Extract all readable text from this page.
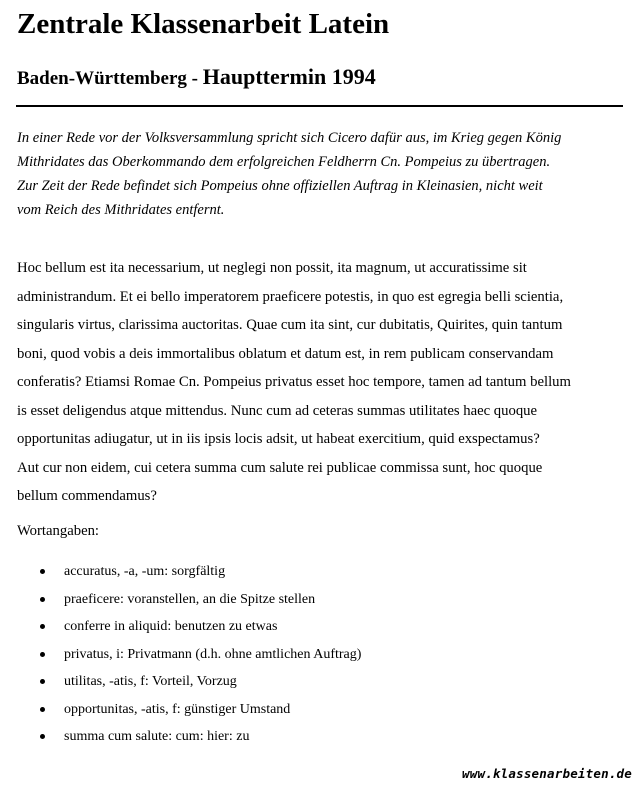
Zentrale Klassenarbeit Latein
Baden-Württemberg - Haupttermin 1994

In einer Rede vor der Volksversammlung spricht sich Cicero dafür aus, im Krieg gegen König
Mithridates das Oberkommando dem erfolgreichen Feldherrn Cn. Pompeius zu übertragen.
Zur Zeit der Rede befindet sich Pompeius ohne offiziellen Auftrag in Kleinasien, nicht weit
vom Reich des Mithridates entfernt.

Hoc bellum est ita necessarium, ut neglegi non possit, ita magnum, ut accuratissime sit
administrandum. Et ei bello imperatorem praeficere potestis, in quo est egregia belli scientia,
singularis virtus, clarissima auctoritas. Quae cum ita sint, cur dubitatis, Quirites, quin tantum
boni, quod vobis a deis immortalibus oblatum et datum est, in rem publicam conservandam
conferatis? Etiamsi Romae Cn. Pompeius privatus esset hoc tempore, tamen ad tantum bellum
is esset deligendus atque mittendus. Nunc cum ad ceteras summas utilitates haec quoque
opportunitas adiugatur, ut in iis ipsis locis adsit, ut habeat exercitium, quid exspectamus?
Aut cur non eidem, cui cetera summa cum salute rei publicae commissa sunt, hoc quoque
bellum commendamus?

Wortangaben:

accuratus, -a, -um: sorgfältig
praeficere: voranstellen, an die Spitze stellen
conferre in aliquid: benutzen zu etwas
privatus, i: Privatmann (d.h. ohne amtlichen Auftrag)
utilitas, -atis, f: Vorteil, Vorzug
opportunitas, -atis, f: günstiger Umstand
summa cum salute: cum: hier: zu
www.klassenarbeiten.de
